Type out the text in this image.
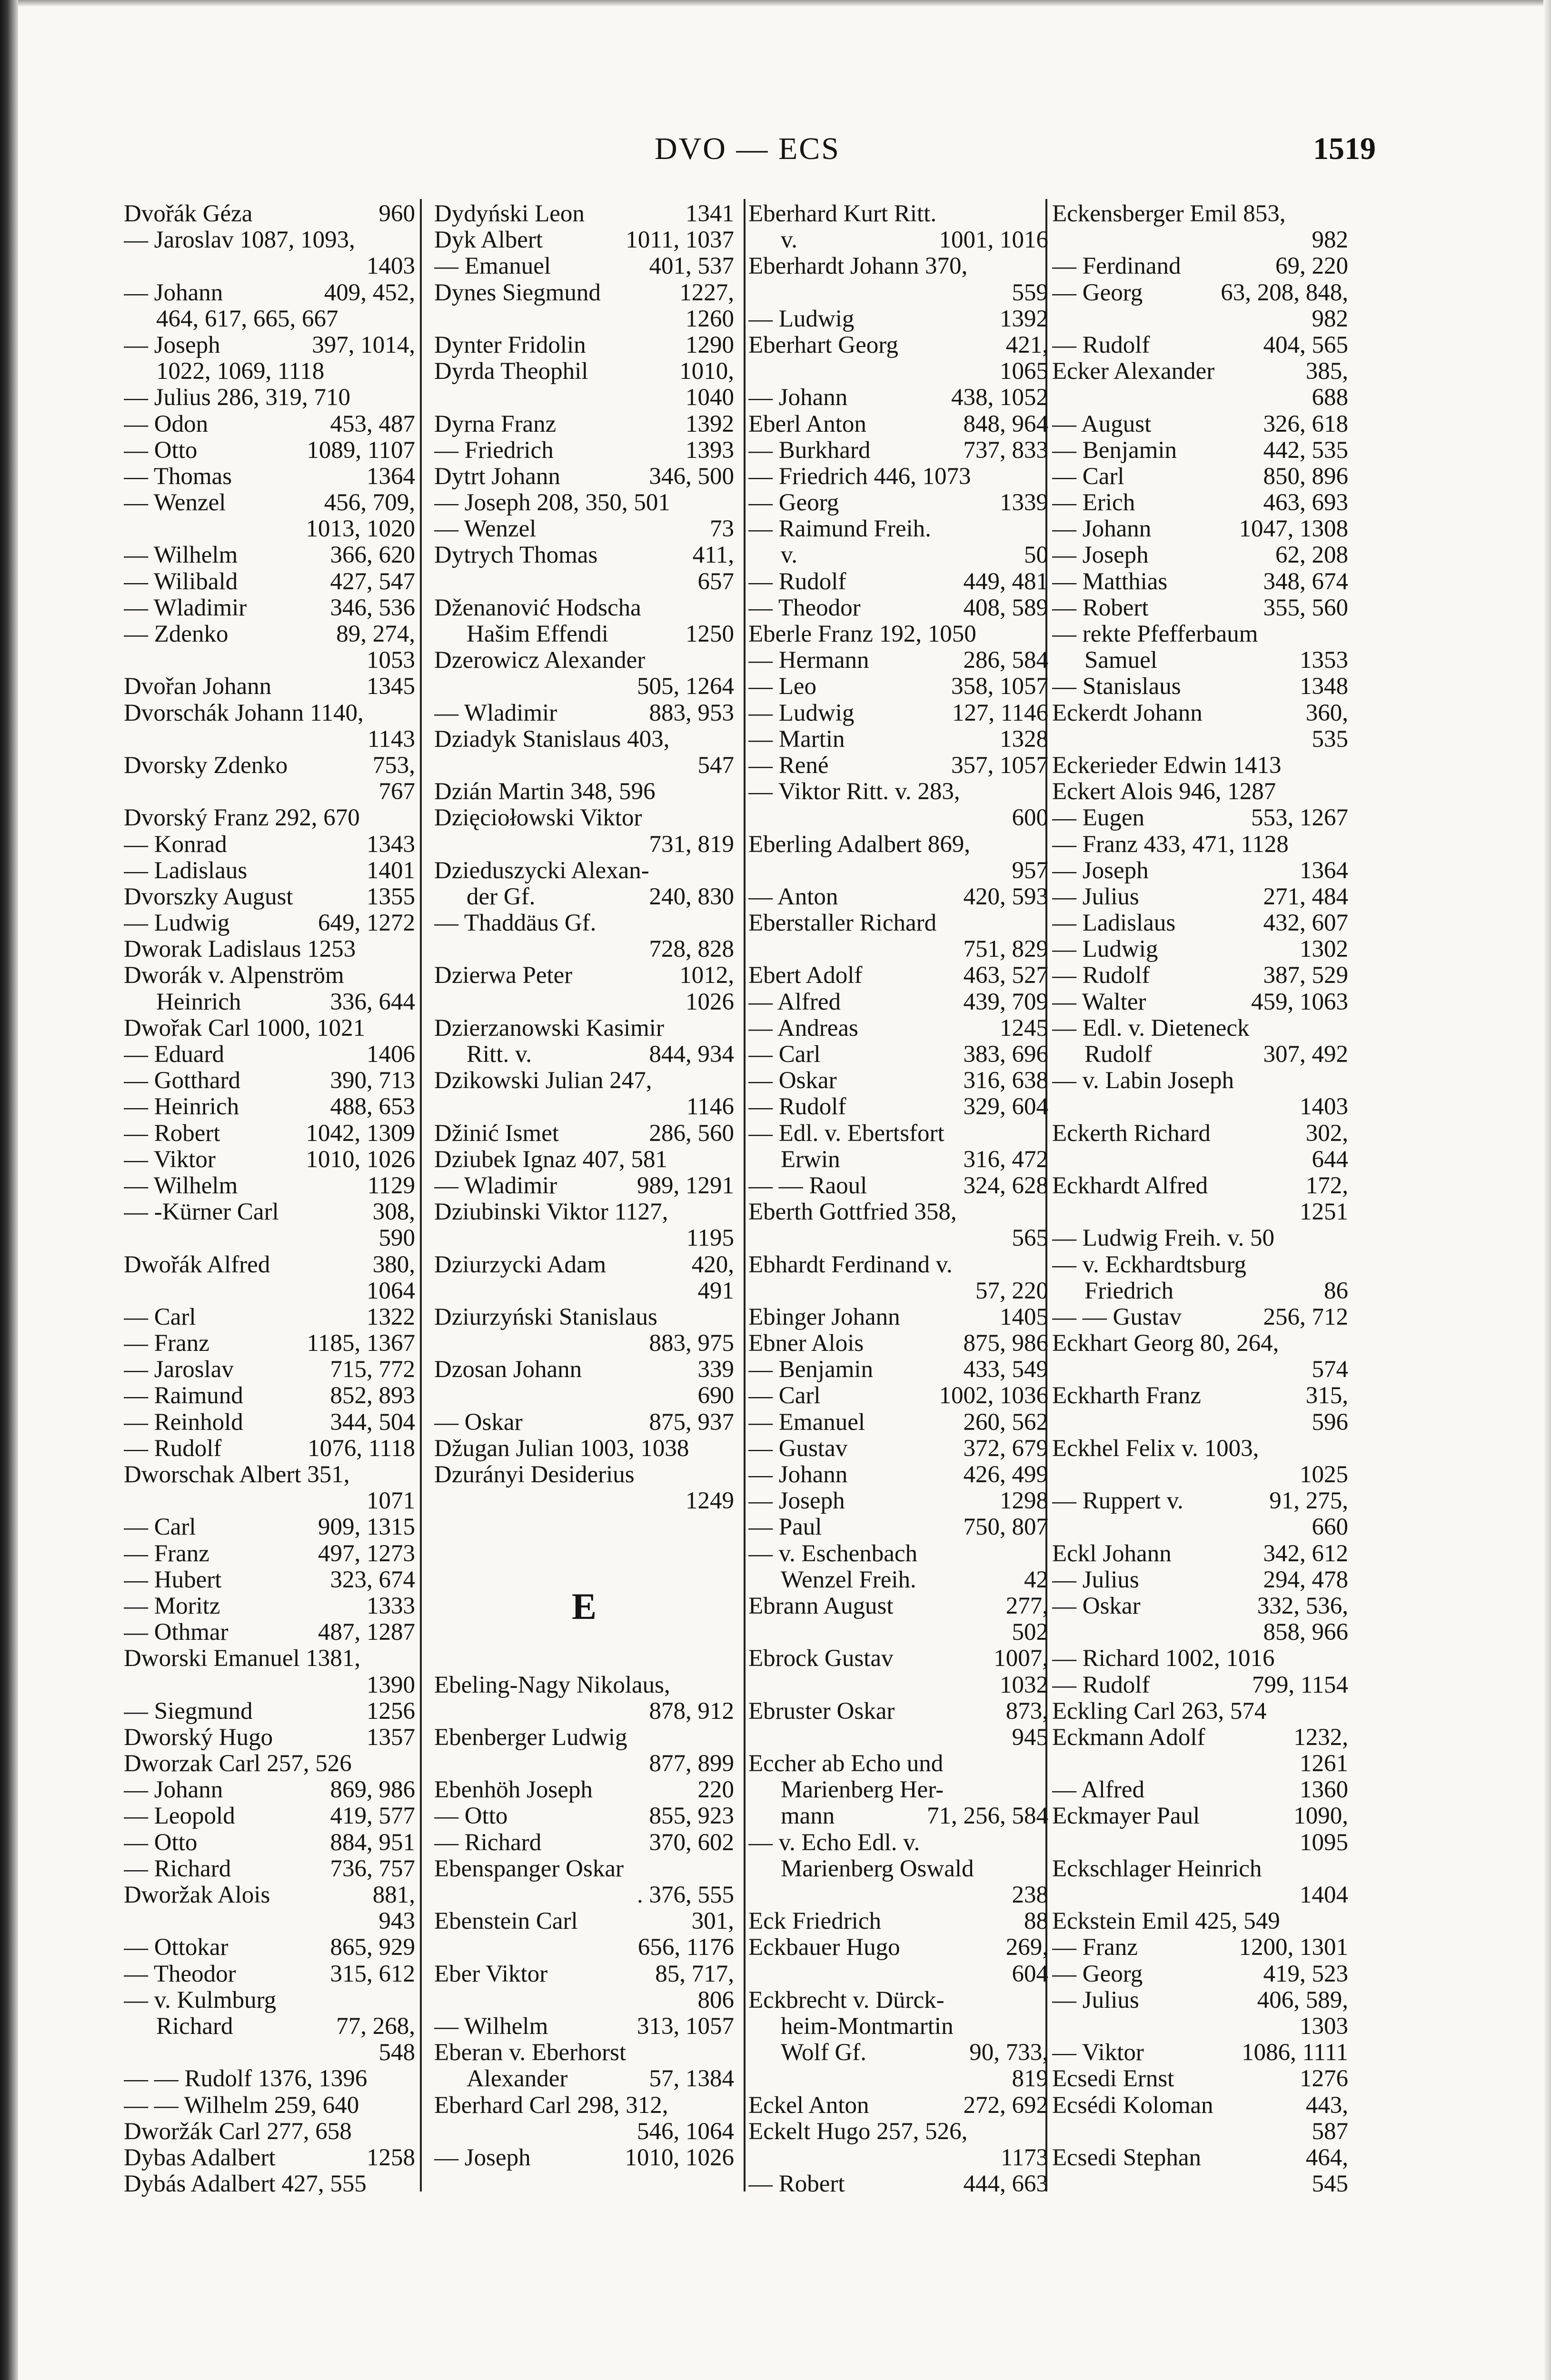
DVO — ECS	1519
Dvořák Géza	960
— Jaroslav 1087, 1093,
1403
— Johann	409, 452,
464, 617, 665, 667
— Joseph	397, 1014,
1022, 1069, 1118
— Julius 286, 319, 710
— Odon	453, 487
— Otto	1089, 1107
— Thomas	1364
— Wenzel	456, 709,
1013, 1020
— Wilhelm	366, 620
— Wilibald	427, 547
— Wladimir	346, 536
— Zdenko	89, 274,
1053
Dvořan Johann	1345
Dvorschák Johann 1140,
1143
Dvorsky Zdenko	753,
767
Dvorský Franz 292, 670
— Konrad	1343
— Ladislaus	1401
Dvorszky August	1355
— Ludwig	649, 1272
Dworak Ladislaus 1253
Dworák v. Alpenström
Heinrich	336, 644
Dwořak Carl 1000, 1021
— Eduard	1406
— Gotthard	390, 713
— Heinrich	488, 653
— Robert	1042, 1309
— Viktor	1010, 1026
— Wilhelm	1129
— -Kürner Carl	308,
590
Dwořák Alfred	380,
1064
— Carl	1322
— Franz	1185, 1367
— Jaroslav	715, 772
— Raimund	852, 893
— Reinhold	344, 504
— Rudolf	1076, 1118
Dworschak Albert 351,
1071
— Carl	909, 1315
— Franz	497, 1273
— Hubert	323, 674
— Moritz	1333
— Othmar	487, 1287
Dworski Emanuel 1381,
1390
— Siegmund	1256
Dworský Hugo	1357
Dworzak Carl 257, 526
— Johann	869, 986
— Leopold	419, 577
— Otto	884, 951
— Richard	736, 757
Dworžak Alois	881,
943
— Ottokar	865, 929
— Theodor	315, 612
— v. Kulmburg
Richard	77, 268,
548
— — Rudolf 1376, 1396
— — Wilhelm 259, 640
Dworžák Carl 277, 658
Dybas Adalbert	1258
Dybás Adalbert 427, 555
Dydyński Leon	1341
Dyk Albert	1011, 1037
— Emanuel	401, 537
Dynes Siegmund	1227,
1260
Dynter Fridolin	1290
Dyrda Theophil	1010,
1040
Dyrna Franz	1392
— Friedrich	1393
Dytrt Johann	346, 500
— Joseph 208, 350, 501
— Wenzel	73
Dytrych Thomas	411,
657
Dženanović Hodscha
Hašim Effendi	1250
Dzerowicz Alexander
505, 1264
— Wladimir	883, 953
Dziadyk Stanislaus 403,
547
Dzián Martin 348, 596
Dzięciołowski Viktor
731, 819
Dzieduszycki Alexan-
der Gf.	240, 830
— Thaddäus Gf.
728, 828
Dzierwa Peter	1012,
1026
Dzierzanowski Kasimir
Ritt. v.	844, 934
Dzikowski Julian 247,
1146
Džinić Ismet	286, 560
Dziubek Ignaz 407, 581
— Wladimir	989, 1291
Dziubinski Viktor 1127,
1195
Dziurzycki Adam	420,
491
Dziurzyński Stanislaus
883, 975
Dzosan Johann	339
690
— Oskar	875, 937
Džugan Julian 1003, 1038
Dzurányi Desiderius
1249
E
Ebeling-Nagy Nikolaus,
878, 912
Ebenberger Ludwig
877, 899
Ebenhöh Joseph	220
— Otto	855, 923
— Richard	370, 602
Ebenspanger Oskar
. 376, 555
Ebenstein Carl	301,
656, 1176
Eber Viktor	85, 717,
806
— Wilhelm	313, 1057
Eberan v. Eberhorst
Alexander	57, 1384
Eberhard Carl 298, 312,
546, 1064
— Joseph	1010, 1026
Eberhard Kurt Ritt.
v.	1001, 1016
Eberhardt Johann 370,
559
— Ludwig	1392
Eberhart Georg	421,
1065
— Johann	438, 1052
Eberl Anton	848, 964
— Burkhard	737, 833
— Friedrich 446, 1073
— Georg	1339
— Raimund Freih.
v.	50
— Rudolf	449, 481
— Theodor	408, 589
Eberle Franz 192, 1050
— Hermann	286, 584
— Leo	358, 1057
— Ludwig	127, 1146
— Martin	1328
— René	357, 1057
— Viktor Ritt. v. 283,
600
Eberling Adalbert 869,
957
— Anton	420, 593
Eberstaller Richard
751, 829
Ebert Adolf	463, 527
— Alfred	439, 709
— Andreas	1245
— Carl	383, 696
— Oskar	316, 638
— Rudolf	329, 604
— Edl. v. Ebertsfort
Erwin	316, 472
— — Raoul	324, 628
Eberth Gottfried 358,
565
Ebhardt Ferdinand v.
57, 220
Ebinger Johann	1405
Ebner Alois	875, 986
— Benjamin	433, 549
— Carl	1002, 1036
— Emanuel	260, 562
— Gustav	372, 679
— Johann	426, 499
— Joseph	1298
— Paul	750, 807
— v. Eschenbach
Wenzel Freih.	42
Ebrann August	277,
502
Ebrock Gustav	1007,
1032
Ebruster Oskar	873,
945
Eccher ab Echo und
Marienberg Her-
mann	71, 256, 584
— v. Echo Edl. v.
Marienberg Oswald
238
Eck Friedrich	88
Eckbauer Hugo	269,
604
Eckbrecht v. Dürck-
heim-Montmartin
Wolf Gf.	90, 733,
819
Eckel Anton	272, 692
Eckelt Hugo 257, 526,
1173
— Robert	444, 663
Eckensberger Emil 853,
982
— Ferdinand	69, 220
— Georg	63, 208, 848,
982
— Rudolf	404, 565
Ecker Alexander	385,
688
— August	326, 618
— Benjamin	442, 535
— Carl	850, 896
— Erich	463, 693
— Johann	1047, 1308
— Joseph	62, 208
— Matthias	348, 674
— Robert	355, 560
— rekte Pfefferbaum
Samuel	1353
— Stanislaus	1348
Eckerdt Johann	360,
535
Eckerieder Edwin 1413
Eckert Alois 946, 1287
— Eugen	553, 1267
— Franz 433, 471, 1128
— Joseph	1364
— Julius	271, 484
— Ladislaus	432, 607
— Ludwig	1302
— Rudolf	387, 529
— Walter	459, 1063
— Edl. v. Dieteneck
Rudolf	307, 492
— v. Labin Joseph
1403
Eckerth Richard	302,
644
Eckhardt Alfred	172,
1251
— Ludwig Freih. v. 50
— v. Eckhardtsburg
Friedrich	86
— — Gustav	256, 712
Eckhart Georg 80, 264,
574
Eckharth Franz	315,
596
Eckhel Felix v. 1003,
1025
— Ruppert v.	91, 275,
660
Eckl Johann	342, 612
— Julius	294, 478
— Oskar	332, 536,
858, 966
— Richard 1002, 1016
— Rudolf	799, 1154
Eckling Carl 263, 574
Eckmann Adolf	1232,
1261
— Alfred	1360
Eckmayer Paul	1090,
1095
Eckschlager Heinrich
1404
Eckstein Emil 425, 549
— Franz	1200, 1301
— Georg	419, 523
— Julius	406, 589,
1303
— Viktor	1086, 1111
Ecsedi Ernst	1276
Ecsédi Koloman	443,
587
Ecsedi Stephan	464,
545
